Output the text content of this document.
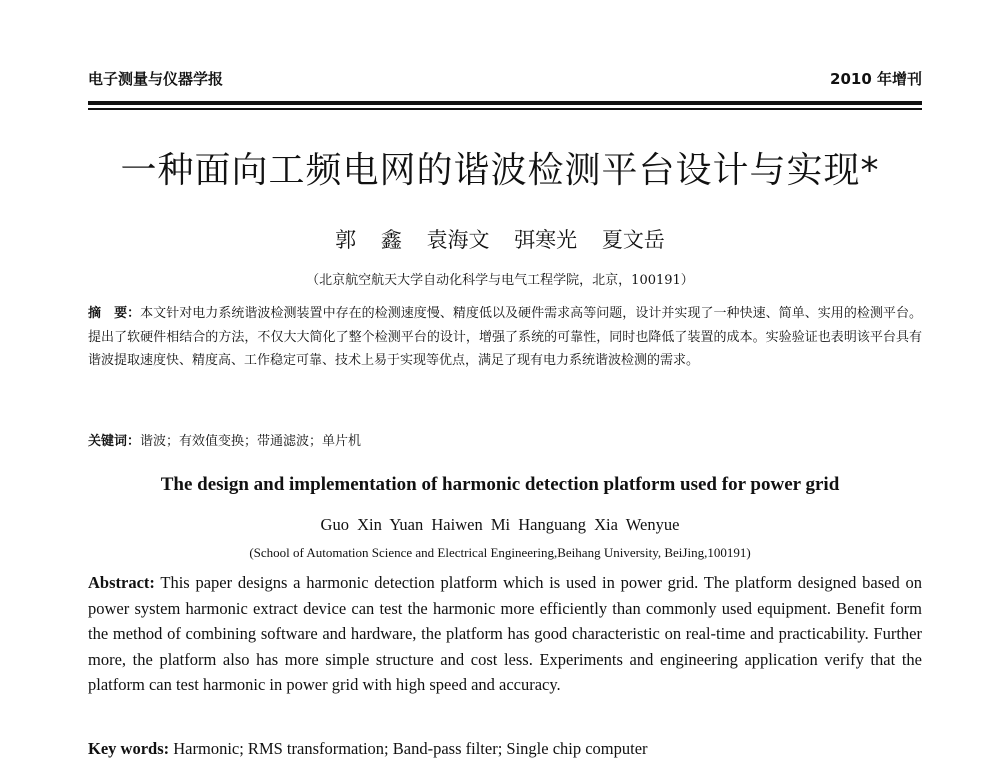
电子测量与仪器学报	2010 年增刊
一种面向工频电网的谐波检测平台设计与实现*
郭 鑫 袁海文 弭寒光 夏文岳
（北京航空航天大学自动化科学与电气工程学院，北京，100191）
摘　要：本文针对电力系统谐波检测装置中存在的检测速度慢、精度低以及硬件需求高等问题，设计并实现了一种快速、简单、实用的检测平台。提出了软硬件相结合的方法，不仅大大简化了整个检测平台的设计，增强了系统的可靠性，同时也降低了装置的成本。实验验证也表明该平台具有谐波提取速度快、精度高、工作稳定可靠、技术上易于实现等优点，满足了现有电力系统谐波检测的需求。
关键词：谐波；有效值变换；带通滤波；单片机
The design and implementation of harmonic detection platform used for power grid
Guo Xin Yuan Haiwen Mi Hanguang Xia Wenyue
(School of Automation Science and Electrical Engineering,Beihang University, BeiJing,100191)
Abstract: This paper designs a harmonic detection platform which is used in power grid. The platform designed based on power system harmonic extract device can test the harmonic more efficiently than commonly used equipment. Benefit form the method of combining software and hardware, the platform has good characteristic on real-time and practicability. Further more, the platform also has more simple structure and cost less. Experiments and engineering application verify that the platform can test harmonic in power grid with high speed and accuracy.
Key words: Harmonic; RMS transformation; Band-pass filter; Single chip computer
